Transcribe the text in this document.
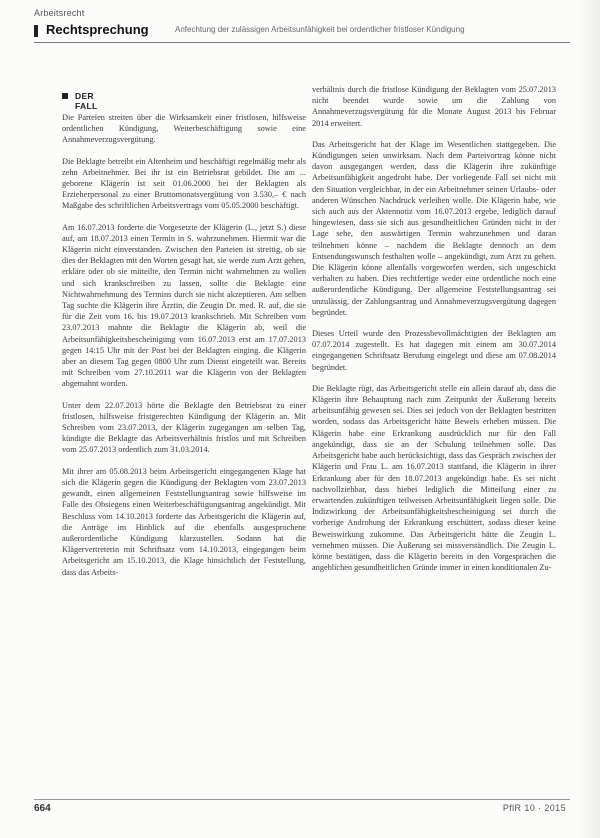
Arbeitsrecht
Rechtsprechung	Anfechtung der zulässigen Arbeitsunfähigkeit bei ordentlicher fristloser Kündigung
DER FALL

Die Parteien streiten über die Wirksamkeit einer fristlosen, hilfsweise ordentlichen Kündigung, Weiterbeschäftigung sowie eine Annahmeverzugsvergütung.

Die Beklagte betreibt ein Altenheim und beschäftigt regelmäßig mehr als zehn Arbeitnehmer. Bei ihr ist ein Betriebsrat gebildet. Die am ... geborene Klägerin ist seit 01.06.2000 bei der Beklagten als Erzieherpersonal zu einer Bruttomonatsvergütung von 3.530,– € nach Maßgabe des schriftlichen Arbeitsvertrags vom 05.05.2000 beschäftigt.

Am 16.07.2013 forderte die Vorgesetzte der Klägerin (L., jetzt S.) diese auf, am 18.07.2013 einen Termin in S. wahrzunehmen. Hiermit war die Klägerin nicht einverstanden. Zwischen den Parteien ist streitig, ob sie dies der Beklagten mit den Worten gesagt hat, sie werde zum Arzt gehen, erkläre oder ob sie mitteilte, den Termin nicht wahrnehmen zu wollen und sich krankschreiben zu lassen, sollte die Beklagte eine Nichtwahrnehmung des Termins durch sie nicht akzeptieren. Am selben Tag suchte die Klägerin ihre Ärztin, die Zeugin Dr. med. R. auf, die sie für die Zeit vom 16. bis 19.07.2013 krankschrieb. Mit Schreiben vom 23.07.2013 mahnte die Beklagte die Klägerin ab, weil die Arbeitsunfähigkeitsbescheinigung vom 16.07.2013 erst am 17.07.2013 gegen 14:15 Uhr mit der Post bei der Beklagten einging. die Klägerin aber an diesem Tag gegen 0800 Uhr zum Dienst eingeteilt war. Bereits mit Schreiben vom 27.10.2011 war die Klägerin von der Beklagten abgemahnt worden.

Unter dem 22.07.2013 hörte die Beklagte den Betriebsrat zu einer fristlosen, hilfsweise fristgerechten Kündigung der Klägerin an. Mit Schreiben vom 23.07.2013, der Klägerin zugegangen am selben Tag, kündigte die Beklagte das Arbeitsverhältnis fristlos und mit Schreiben vom 25.07.2013 ordentlich zum 31.03.2014.

Mit ihrer am 05.08.2013 beim Arbeitsgericht eingegangenen Klage hat sich die Klägerin gegen die Kündigung der Beklagten vom 23.07.2013 gewandt, einen allgemeinen Feststellungsantrag sowie hilfsweise im Falle des Obsiegens einen Weiterbeschäftigungsantrag angekündigt. Mit Beschluss vom 14.10.2013 forderte das Arbeitsgericht die Klägerin auf, die Anträge im Hinblick auf die ebenfalls ausgesprochene außerordentliche Kündigung klarzustellen. Sodann hat die Klägervertreterin mit Schriftsatz vom 14.10.2013, eingegangen beim Arbeitsgericht am 15.10.2013, die Klage hinsichtlich der Feststellung, dass das Arbeits-

verhältnis durch die fristlose Kündigung der Beklagten vom 25.07.2013 nicht beendet wurde sowie um die Zahlung von Annahmeverzugsvergütung für die Monate August 2013 bis Februar 2014 erweitert.

Das Arbeitsgericht hat der Klage im Wesentlichen stattgegeben. Die Kündigungen seien unwirksam. Nach dem Parteivortrag könne nicht davon ausgegangen werden, dass die Klägerin ihre zukünftige Arbeitsunfähigkeit angedroht habe. Der vorliegende Fall sei nicht mit den Situation vergleichbar, in der ein Arbeitnehmer seinen Urlaubs- oder anderen Wünschen Nachdruck verleihen wolle. Die Klägerin habe, wie sich auch aus der Aktennotiz vom 16.07.2013 ergebe, lediglich darauf hingewiesen, dass sie sich aus gesundheitlichen Gründen nicht in der Lage sehe, den auswärtigen Termin wahrzunehmen und daran teilnehmen könne – nachdem die Beklagte dennoch an dem Entsendungswunsch festhalten wolle – angekündigt, zum Arzt zu gehen. Die Klägerin könne allenfalls vorgeworfen werden, sich ungeschickt verhalten zu haben. Dies rechtfertige weder eine ordentliche noch eine außerordentliche Kündigung. Der allgemeine Feststellungsantrag sei unzulässig, der Zahlungsantrag und Annahmeverzugsvergütung dagegen begründet.

Dieses Urteil wurde den Prozessbevollmächtigten der Beklagten am 07.07.2014 zugestellt. Es hat dagegen mit einem am 30.07.2014 eingegangenen Schriftsatz Berufung eingelegt und diese am 07.08.2014 begründet.

Die Beklagte rügt, das Arbeitsgericht stelle ein allein darauf ab, dass die Klägerin ihre Behauptung nach zum Zeitpunkt der Äußerung bereits arbeitsunfähig gewesen sei. Dies sei jedoch von der Beklagten bestritten worden, sodass das Arbeitsgericht hätte Beweis erheben müssen. Die Klägerin habe eine Erkrankung ausdrücklich nur für den Fall angekündigt, dass sie an der Schulung teilnehmen solle. Das Arbeitsgericht habe auch berücksichtigt, dass das Gespräch zwischen der Klägerin und Frau L. am 16.07.2013 stattfand, die Klägerin in ihrer Erkrankung aber für den 18.07.2013 angekündigt habe. Es sei nicht nachvollziehbar, dass hiebei lediglich die Mitteilung einer zu erwartenden zukünftigen teilweisen Arbeitsunfähigkeit liegen solle. Die Indizwirkung der Arbeitsunfähigkeitsbescheinigung sei durch die vorherige Androhung der Erkrankung erschüttert, sodass dieser keine Beweiswirkung zukomme. Das Arbeitsgericht hätte die Zeugin L. vernehmen müssen. Die Äußerung sei missverständlich. Die Zeugin L. könne bestätigen, dass die Klägerin bereits in den Vorgesprächen die angeblichen gesundheitlichen Gründe immer in einen konditionalen Zu-

664	PflR 10 · 2015
